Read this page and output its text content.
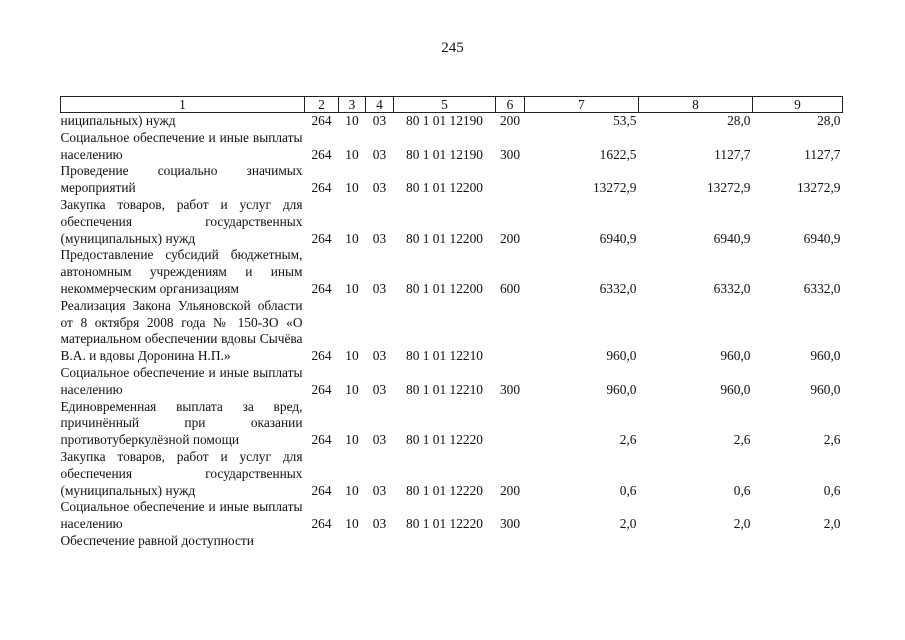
245
1	2	3	4	5	6	7	8	9
ниципальных) нужд	264	10	03	80 1 01 12190	200	53,5	28,0	28,0
Социальное обеспечение и иные выплаты населению	264	10	03	80 1 01 12190	300	1622,5	1127,7	1127,7
Проведение социально значимых мероприятий	264	10	03	80 1 01 12200		13272,9	13272,9	13272,9
Закупка товаров, работ и услуг для обеспечения государственных (муниципальных) нужд	264	10	03	80 1 01 12200	200	6940,9	6940,9	6940,9
Предоставление субсидий бюджетным, автономным учреждениям и иным некоммерческим организациям	264	10	03	80 1 01 12200	600	6332,0	6332,0	6332,0
Реализация Закона Ульяновской области от 8 октября 2008 года № 150-ЗО «О материальном обеспечении вдовы Сычёва В.А. и вдовы Доронина Н.П.»	264	10	03	80 1 01 12210		960,0	960,0	960,0
Социальное обеспечение и иные выплаты населению	264	10	03	80 1 01 12210	300	960,0	960,0	960,0
Единовременная выплата за вред, причинённый при оказании противотуберкулёзной помощи	264	10	03	80 1 01 12220		2,6	2,6	2,6
Закупка товаров, работ и услуг для обеспечения государственных (муниципальных) нужд	264	10	03	80 1 01 12220	200	0,6	0,6	0,6
Социальное обеспечение и иные выплаты населению	264	10	03	80 1 01 12220	300	2,0	2,0	2,0
Обеспечение равной доступности								
